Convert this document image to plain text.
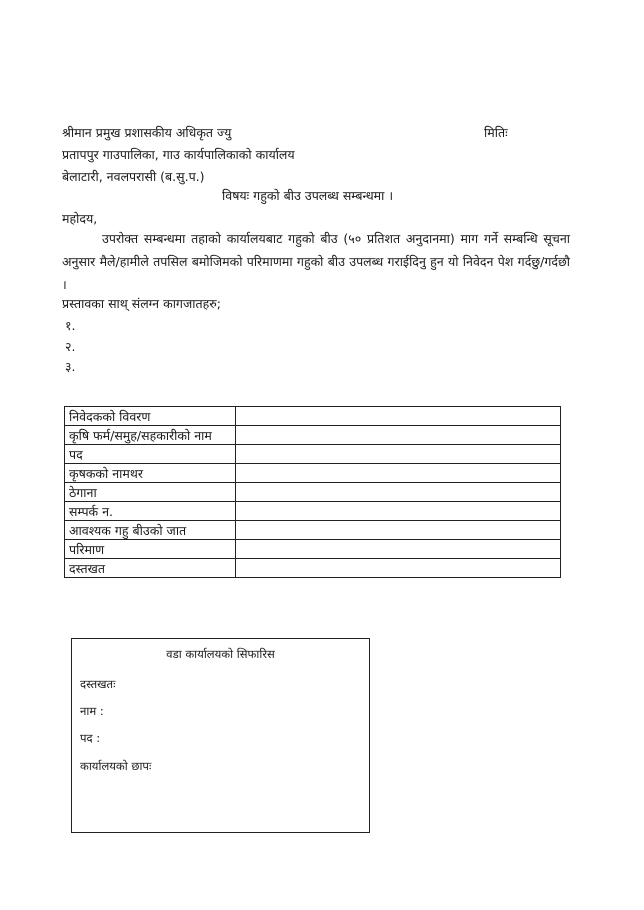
श्रीमान प्रमुख प्रशासकीय अधिकृत ज्यु	मितिः
प्रतापपुर गाउपालिका, गाउ कार्यपालिकाको कार्यालय
बेलाटारी, नवलपरासी (ब.सु.प.)
विषयः गहुको बीउ उपलब्ध सम्बन्धमा ।
महोदय,
उपरोक्त सम्बन्धमा तहाको कार्यालयबाट गहुको बीउ (५० प्रतिशत अनुदानमा) माग गर्ने सम्बन्धि सूचना अनुसार मैले/हामीले तपसिल बमोजिमको परिमाणमा गहुको बीउ उपलब्ध गराईदिनु हुन यो निवेदन पेश गर्दछु/गर्दछौ ।
प्रस्तावका साथ् संलग्न कागजातहरु;
१.
२.
३.
निवेदकको विवरण	
कृषि फर्म/समुह/सहकारीको नाम	
पद	
कृषकको नामथर	
ठेगाना	
सम्पर्क न.	
आवश्यक गहु बीउको जात	
परिमाण	
दस्तखत	
वडा कार्यालयको सिफारिस
दस्तखतः
नाम :
पद :
कार्यालयको छापः
